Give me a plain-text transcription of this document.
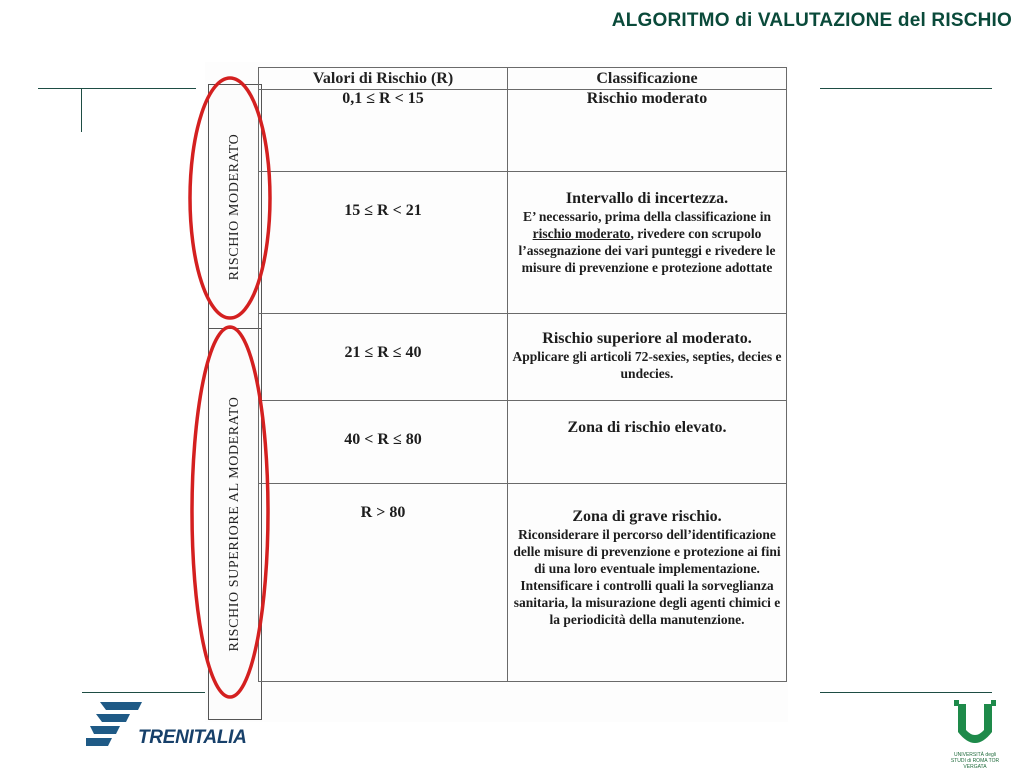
ALGORITMO di VALUTAZIONE del RISCHIO
RISCHIO MODERATO
RISCHIO SUPERIORE AL MODERATO
Valori di Rischio (R)	Classificazione
0,1 ≤ R < 15	Rischio moderato

15 ≤ R < 21	Intervallo di incertezza.
E’ necessario, prima della classificazione in rischio moderato, rivedere con scrupolo l’assegnazione dei vari punteggi e rivedere le misure di prevenzione e protezione adottate
21 ≤ R ≤ 40	Rischio superiore al moderato.
Applicare gli articoli 72-sexies, septies, decies e undecies.
40 < R ≤ 80	Zona di rischio elevato.

R > 80	Zona di grave rischio.
Riconsiderare il percorso dell’identificazione delle misure di prevenzione e protezione ai fini di una loro eventuale implementazione. Intensificare i controlli quali la sorveglianza sanitaria, la misurazione degli agenti chimici e la periodicità della manutenzione.
TRENITALIA
UNIVERSITÀ degli STUDI di ROMA TOR VERGATA
